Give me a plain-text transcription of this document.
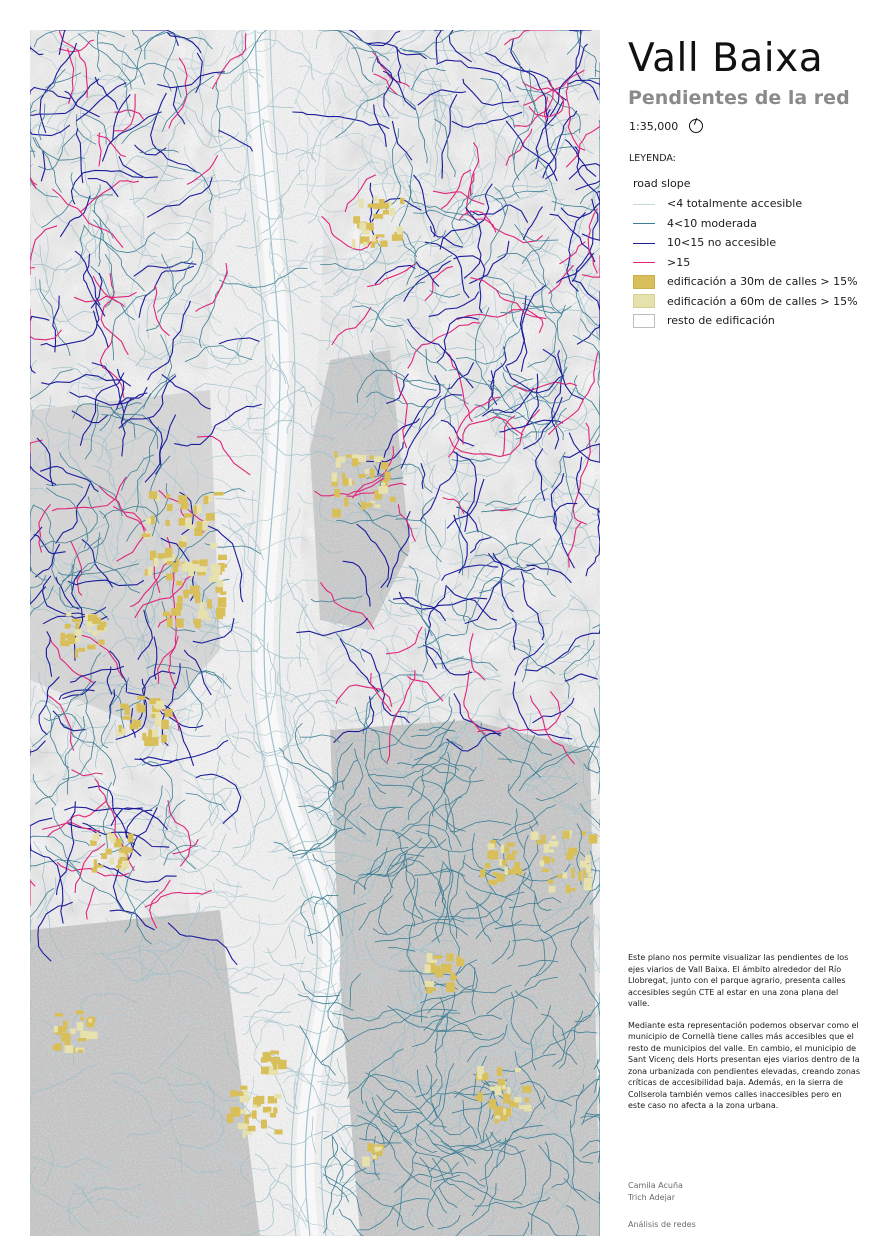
Vall Baixa
Pendientes de la red
1:35,000
LEYENDA:
road slope
<4 totalmente accesible
4<10 moderada
10<15 no accesible
>15
edificación a 30m de calles > 15%
edificación a 60m de calles > 15%
resto de edificación

Este plano nos permite visualizar las pendientes de los ejes viarios de Vall Baixa. El ámbito alrededor del Río Llobregat, junto con el parque agrario, presenta calles accesibles según CTE al estar en una zona plana del valle.

Mediante esta representación podemos observar como el municipio de Cornellà tiene calles más accesibles que el resto de municipios del valle. En cambio, el municipio de Sant Vicenç dels Horts presentan ejes viarios dentro de la zona urbanizada con pendientes elevadas, creando zonas críticas de accesibilidad baja. Además, en la sierra de Collserola también vemos calles inaccesibles pero en este caso no afecta a la zona urbana.

Camila Acuña
Trich Adejar
Análisis de redes
